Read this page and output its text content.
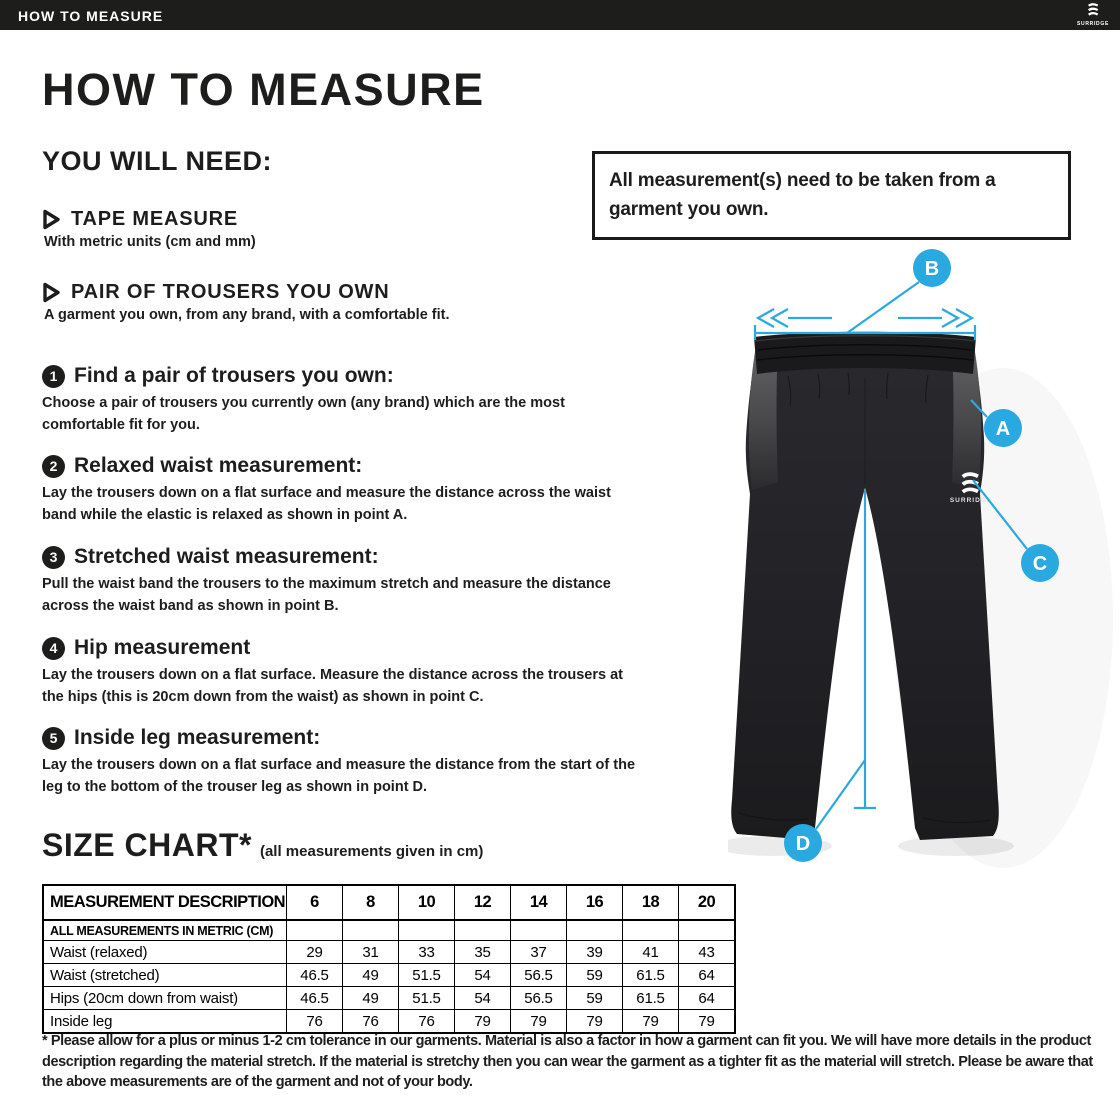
HOW TO MEASURE	SURRIDGE
HOW TO MEASURE
YOU WILL NEED:
TAPE MEASURE
With metric units (cm and mm)
PAIR OF TROUSERS YOU OWN
A garment you own, from any brand, with a comfortable fit.
1 Find a pair of trousers you own:
Choose a pair of trousers you currently own (any brand) which are the most comfortable fit for you.
2 Relaxed waist measurement:
Lay the trousers down on a flat surface and measure the distance across the waist band while the elastic is relaxed as shown in point A.
3 Stretched waist measurement:
Pull the waist band the trousers to the maximum stretch and measure the distance across the waist band as shown in point B.
4 Hip measurement
Lay the trousers down on a flat surface. Measure the distance across the trousers at the hips (this is 20cm down from the waist) as shown in point C.
5 Inside leg measurement:
Lay the trousers down on a flat surface and measure the distance from the start of the leg to the bottom of the trouser leg as shown in point D.
All measurement(s) need to be taken from a garment you own.
SURRIDGE
B
A
C
D
SIZE CHART* (all measurements given in cm)
MEASUREMENT DESCRIPTION	6	8	10	12	14	16	18	20
ALL MEASUREMENTS IN METRIC (CM)								
Waist (relaxed)	29	31	33	35	37	39	41	43
Waist (stretched)	46.5	49	51.5	54	56.5	59	61.5	64
Hips (20cm down from waist)	46.5	49	51.5	54	56.5	59	61.5	64
Inside leg	76	76	76	79	79	79	79	79
* Please allow for a plus or minus 1-2 cm tolerance in our garments. Material is also a factor in how a garment can fit you. We will have more details in the product description regarding the material stretch. If the material is stretchy then you can wear the garment as a tighter fit as the material will stretch. Please be aware that the above measurements are of the garment and not of your body.
